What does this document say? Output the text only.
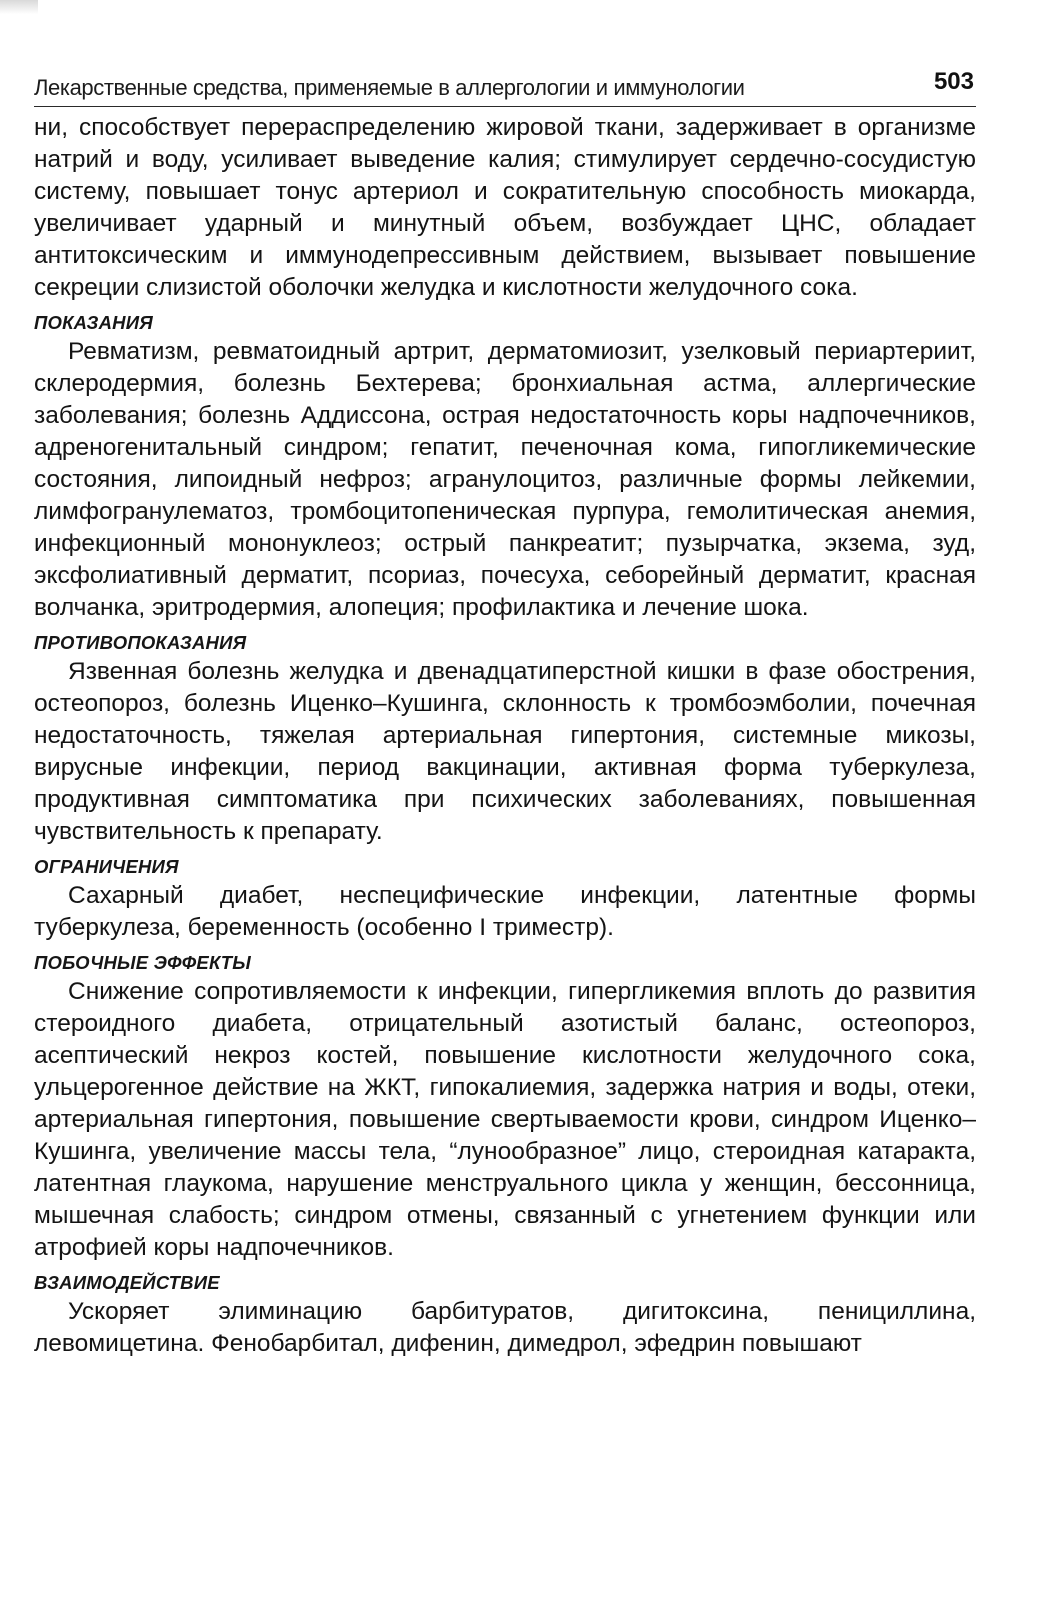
Лекарственные средства, применяемые в аллергологии и иммунологии	503

ни, способствует перераспределению жировой ткани, задерживает в организме натрий и воду, усиливает выведение калия; стимулирует сердечно-сосудистую систему, повышает тонус артериол и сократительную способность миокарда, увеличивает ударный и минутный объем, возбуждает ЦНС, обладает антитоксическим и иммунодепрессивным действием, вызывает повышение секреции слизистой оболочки желудка и кислотности желудочного сока.

ПОКАЗАНИЯ

Ревматизм, ревматоидный артрит, дерматомиозит, узелковый периартериит, склеродермия, болезнь Бехтерева; бронхиальная астма, аллергические заболевания; болезнь Аддиссона, острая недостаточность коры надпочечников, адреногенитальный синдром; гепатит, печеночная кома, гипогликемические состояния, липоидный нефроз; агранулоцитоз, различные формы лейкемии, лимфогранулематоз, тромбоцитопеническая пурпура, гемолитическая анемия, инфекционный мононуклеоз; острый панкреатит; пузырчатка, экзема, зуд, эксфолиативный дерматит, псориаз, почесуха, себорейный дерматит, красная волчанка, эритродермия, алопеция; профилактика и лечение шока.

ПРОТИВОПОКАЗАНИЯ

Язвенная болезнь желудка и двенадцатиперстной кишки в фазе обострения, остеопороз, болезнь Иценко–Кушинга, склонность к тромбоэмболии, почечная недостаточность, тяжелая артериальная гипертония, системные микозы, вирусные инфекции, период вакцинации, активная форма туберкулеза, продуктивная симптоматика при психических заболеваниях, повышенная чувствительность к препарату.

ОГРАНИЧЕНИЯ

Сахарный диабет, неспецифические инфекции, латентные формы туберкулеза, беременность (особенно I триместр).

ПОБОЧНЫЕ ЭФФЕКТЫ

Снижение сопротивляемости к инфекции, гипергликемия вплоть до развития стероидного диабета, отрицательный азотистый баланс, остеопороз, асептический некроз костей, повышение кислотности желудочного сока, ульцерогенное действие на ЖКТ, гипокалиемия, задержка натрия и воды, отеки, артериальная гипертония, повышение свертываемости крови, синдром Иценко–Кушинга, увеличение массы тела, “лунообразное” лицо, стероидная катаракта, латентная глаукома, нарушение менструального цикла у женщин, бессонница, мышечная слабость; синдром отмены, связанный с угнетением функции или атрофией коры надпочечников.

ВЗАИМОДЕЙСТВИЕ

Ускоряет элиминацию барбитуратов, дигитоксина, пенициллина, левомицетина. Фенобарбитал, дифенин, димедрол, эфедрин повышают
